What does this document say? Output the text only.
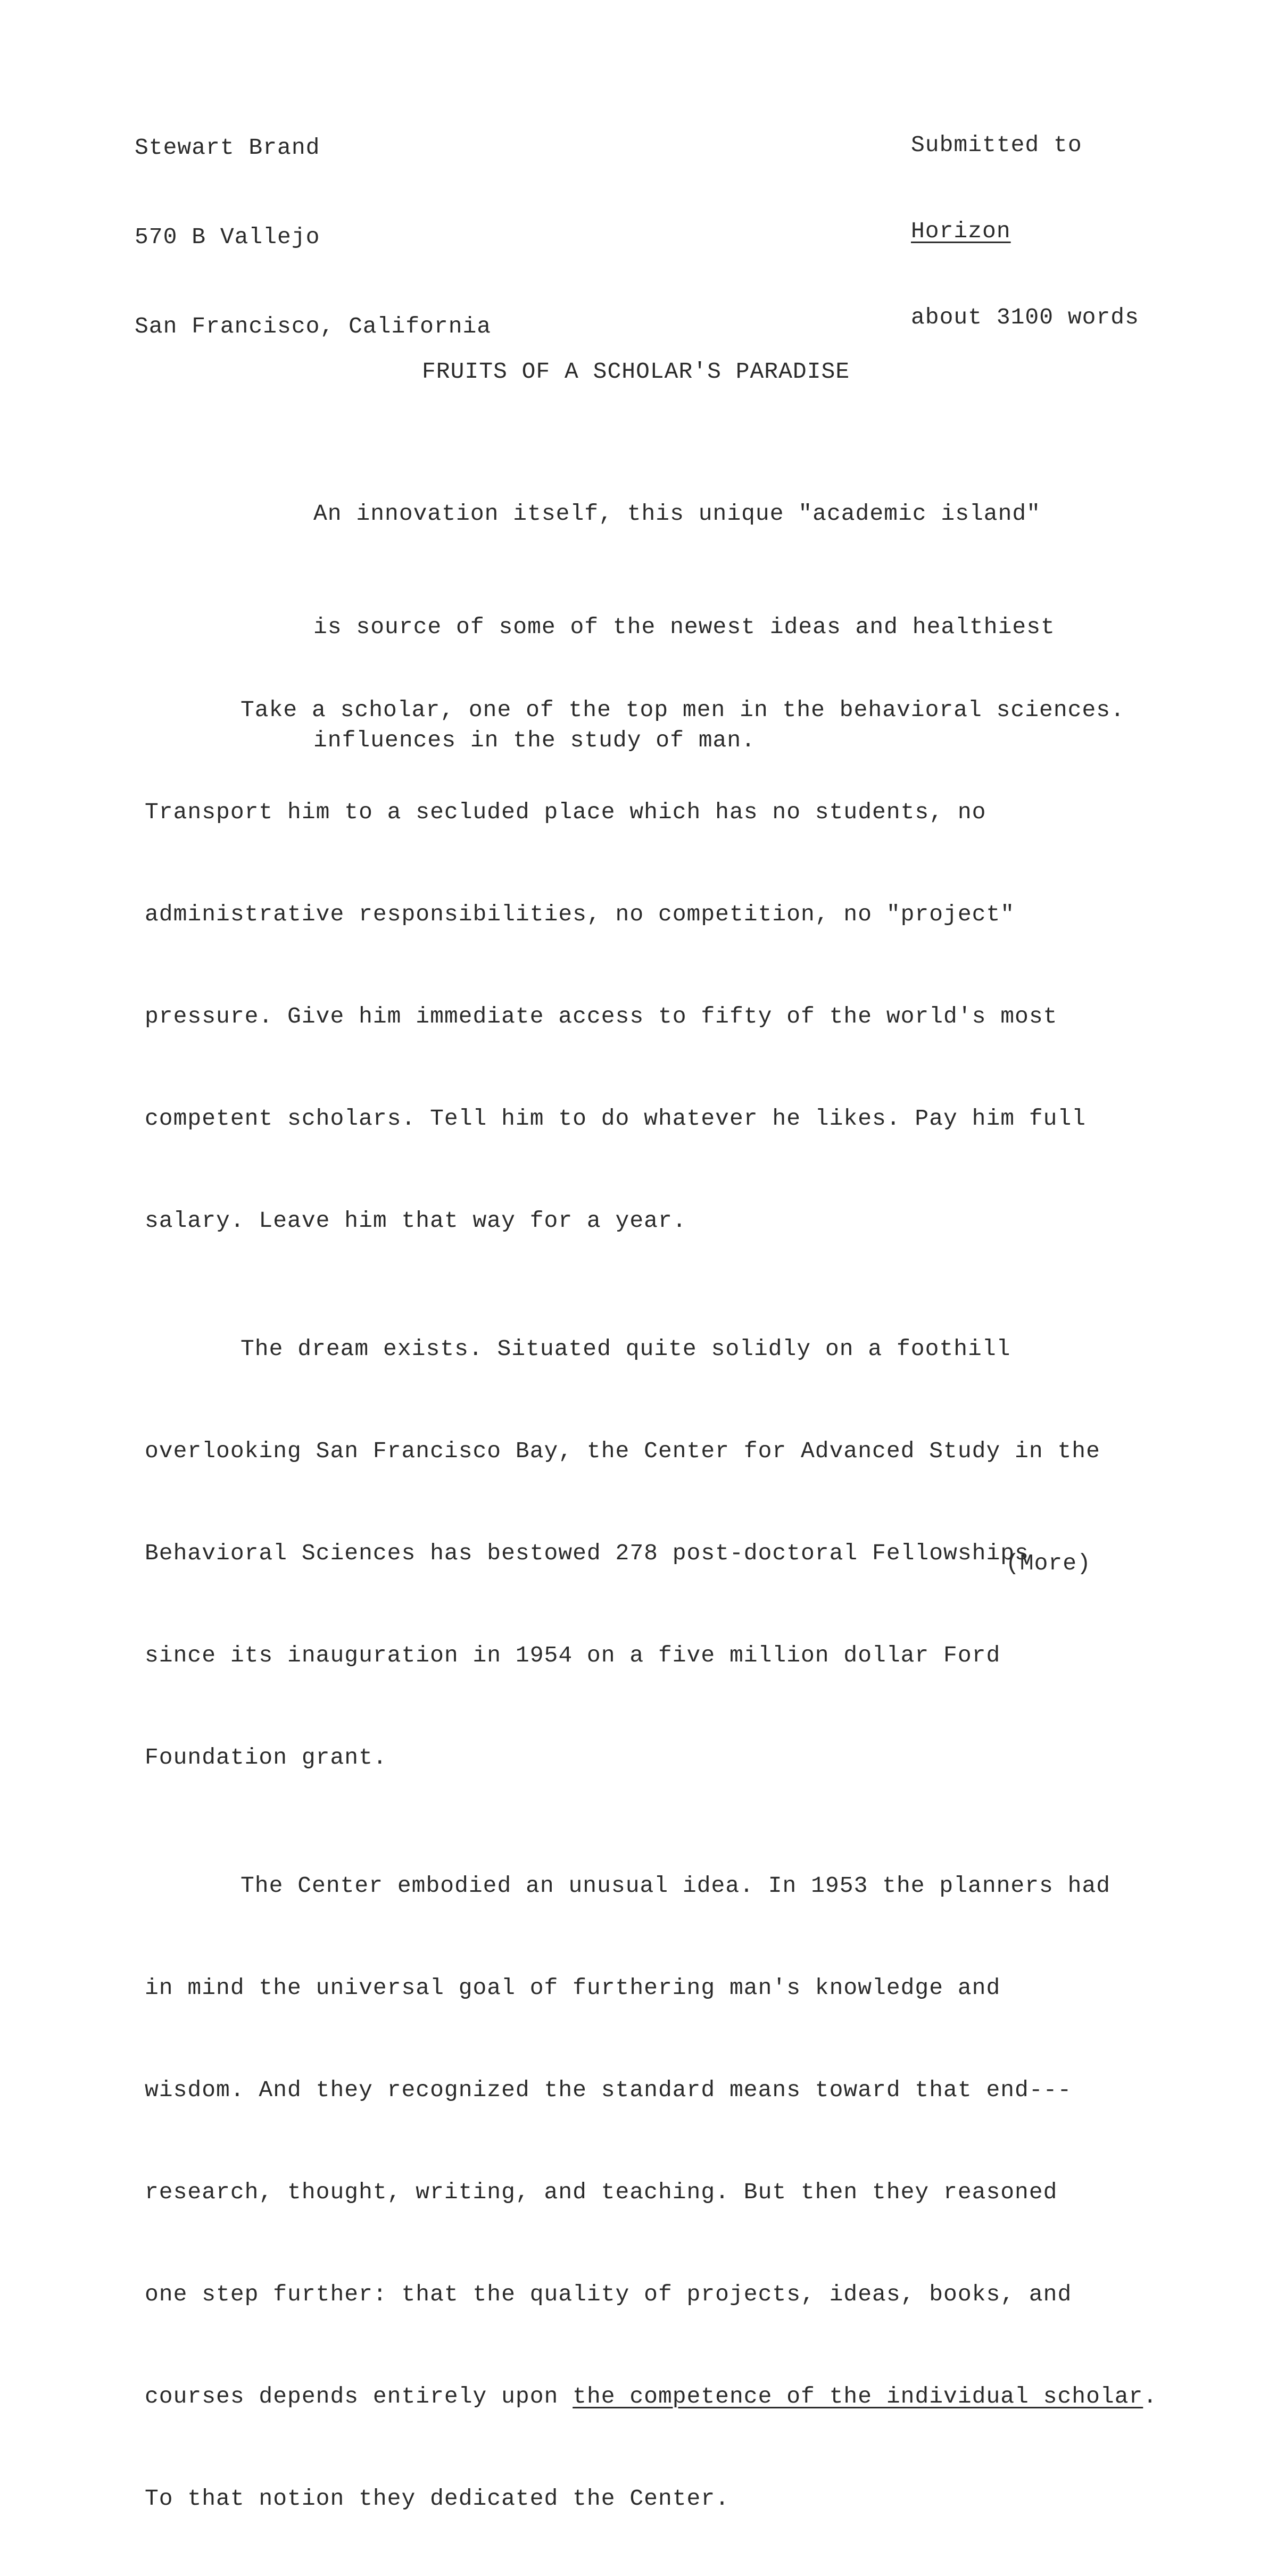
Stewart Brand

570 B Vallejo

San Francisco, California

Submitted to

Horizon

about 3100 words

FRUITS OF A SCHOLAR'S PARADISE

An innovation itself, this unique "academic island"

is source of some of the newest ideas and healthiest

influences in the study of man.

Take a scholar, one of the top men in the behavioral sciences.

Transport him to a secluded place which has no students, no

administrative responsibilities, no competition, no "project"

pressure. Give him immediate access to fifty of the world's most

competent scholars. Tell him to do whatever he likes. Pay him full

salary. Leave him that way for a year.

The dream exists. Situated quite solidly on a foothill

overlooking San Francisco Bay, the Center for Advanced Study in the

Behavioral Sciences has bestowed 278 post-doctoral Fellowships

since its inauguration in 1954 on a five million dollar Ford

Foundation grant.

The Center embodied an unusual idea. In 1953 the planners had

in mind the universal goal of furthering man's knowledge and

wisdom. And they recognized the standard means toward that end---

research, thought, writing, and teaching. But then they reasoned

one step further: that the quality of projects, ideas, books, and

courses depends entirely upon the competence of the individual scholar.

To that notion they dedicated the Center.

(More)
